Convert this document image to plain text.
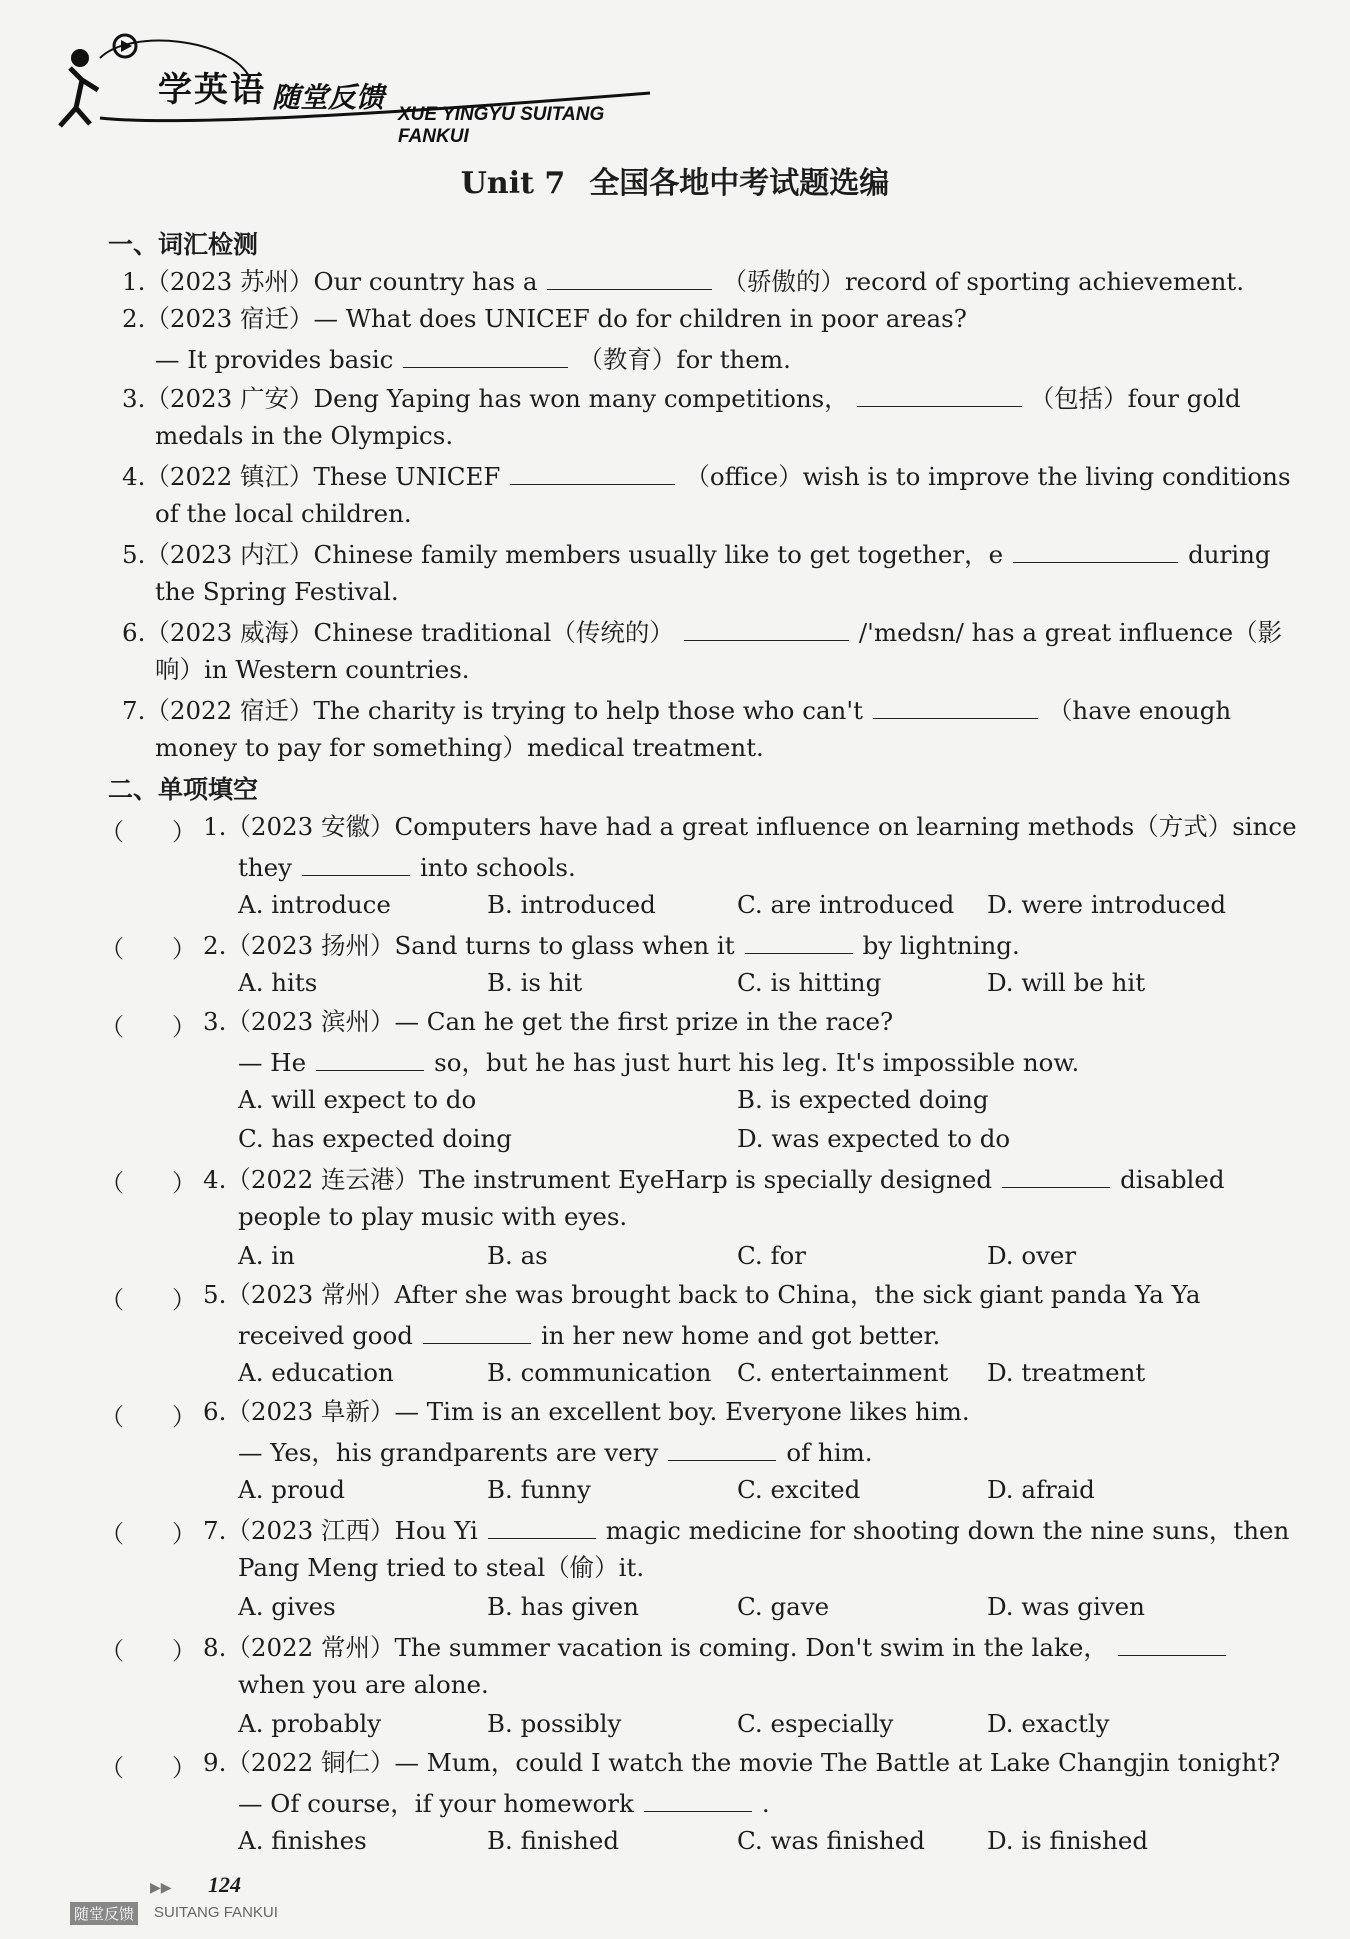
学英语 随堂反馈
XUE YINGYU SUITANG FANKUI
Unit 7 全国各地中考试题选编
一、词汇检测
1.（2023 苏州）Our country has a	（骄傲的）record of sporting achievement.
2.（2023 宿迁）— What does UNICEF do for children in poor areas?
— It provides basic	（教育）for them.
3.（2023 广安）Deng Yaping has won many competitions，	（包括）four gold
medals in the Olympics.
4.（2022 镇江）These UNICEF	（office）wish is to improve the living conditions
of the local children.
5.（2023 内江）Chinese family members usually like to get together，e	during
the Spring Festival.
6.（2023 威海）Chinese traditional（传统的）	/'medsn/ has a great influence（影
响）in Western countries.
7.（2022 宿迁）The charity is trying to help those who can't	（have enough
money to pay for something）medical treatment.
二、单项填空
（　　） 1.（2023 安徽）Computers have had a great influence on learning methods（方式）since
they	into schools.
A. introduce	B. introduced	C. are introduced D. were introduced
（　　） 2.（2023 扬州）Sand turns to glass when it	by lightning.
A. hits	B. is hit	C. is hitting	D. will be hit
（　　） 3.（2023 滨州）— Can he get the first prize in the race?
— He	so，but he has just hurt his leg. It's impossible now.
A. will expect to do	B. is expected doing
C. has expected doing	D. was expected to do
（　　） 4.（2022 连云港）The instrument EyeHarp is specially designed	disabled
people to play music with eyes.
A. in	B. as	C. for	D. over
（　　） 5.（2023 常州）After she was brought back to China，the sick giant panda Ya Ya
received good	in her new home and got better.
A. education	B. communication C. entertainment D. treatment
（　　） 6.（2023 阜新）— Tim is an excellent boy. Everyone likes him.
— Yes，his grandparents are very	of him.
A. proud	B. funny	C. excited	D. afraid
（　　） 7.（2023 江西）Hou Yi	magic medicine for shooting down the nine suns，then
Pang Meng tried to steal（偷）it.
A. gives	B. has given	C. gave	D. was given
（　　） 8.（2022 常州）The summer vacation is coming. Don't swim in the lake，
when you are alone.
A. probably	B. possibly	C. especially	D. exactly
（　　） 9.（2022 铜仁）— Mum，could I watch the movie The Battle at Lake Changjin tonight?
— Of course，if your homework	.
A. finishes	B. finished	C. was finished	D. is finished
▶▶ 124
随堂反馈 SUITANG FANKUI
